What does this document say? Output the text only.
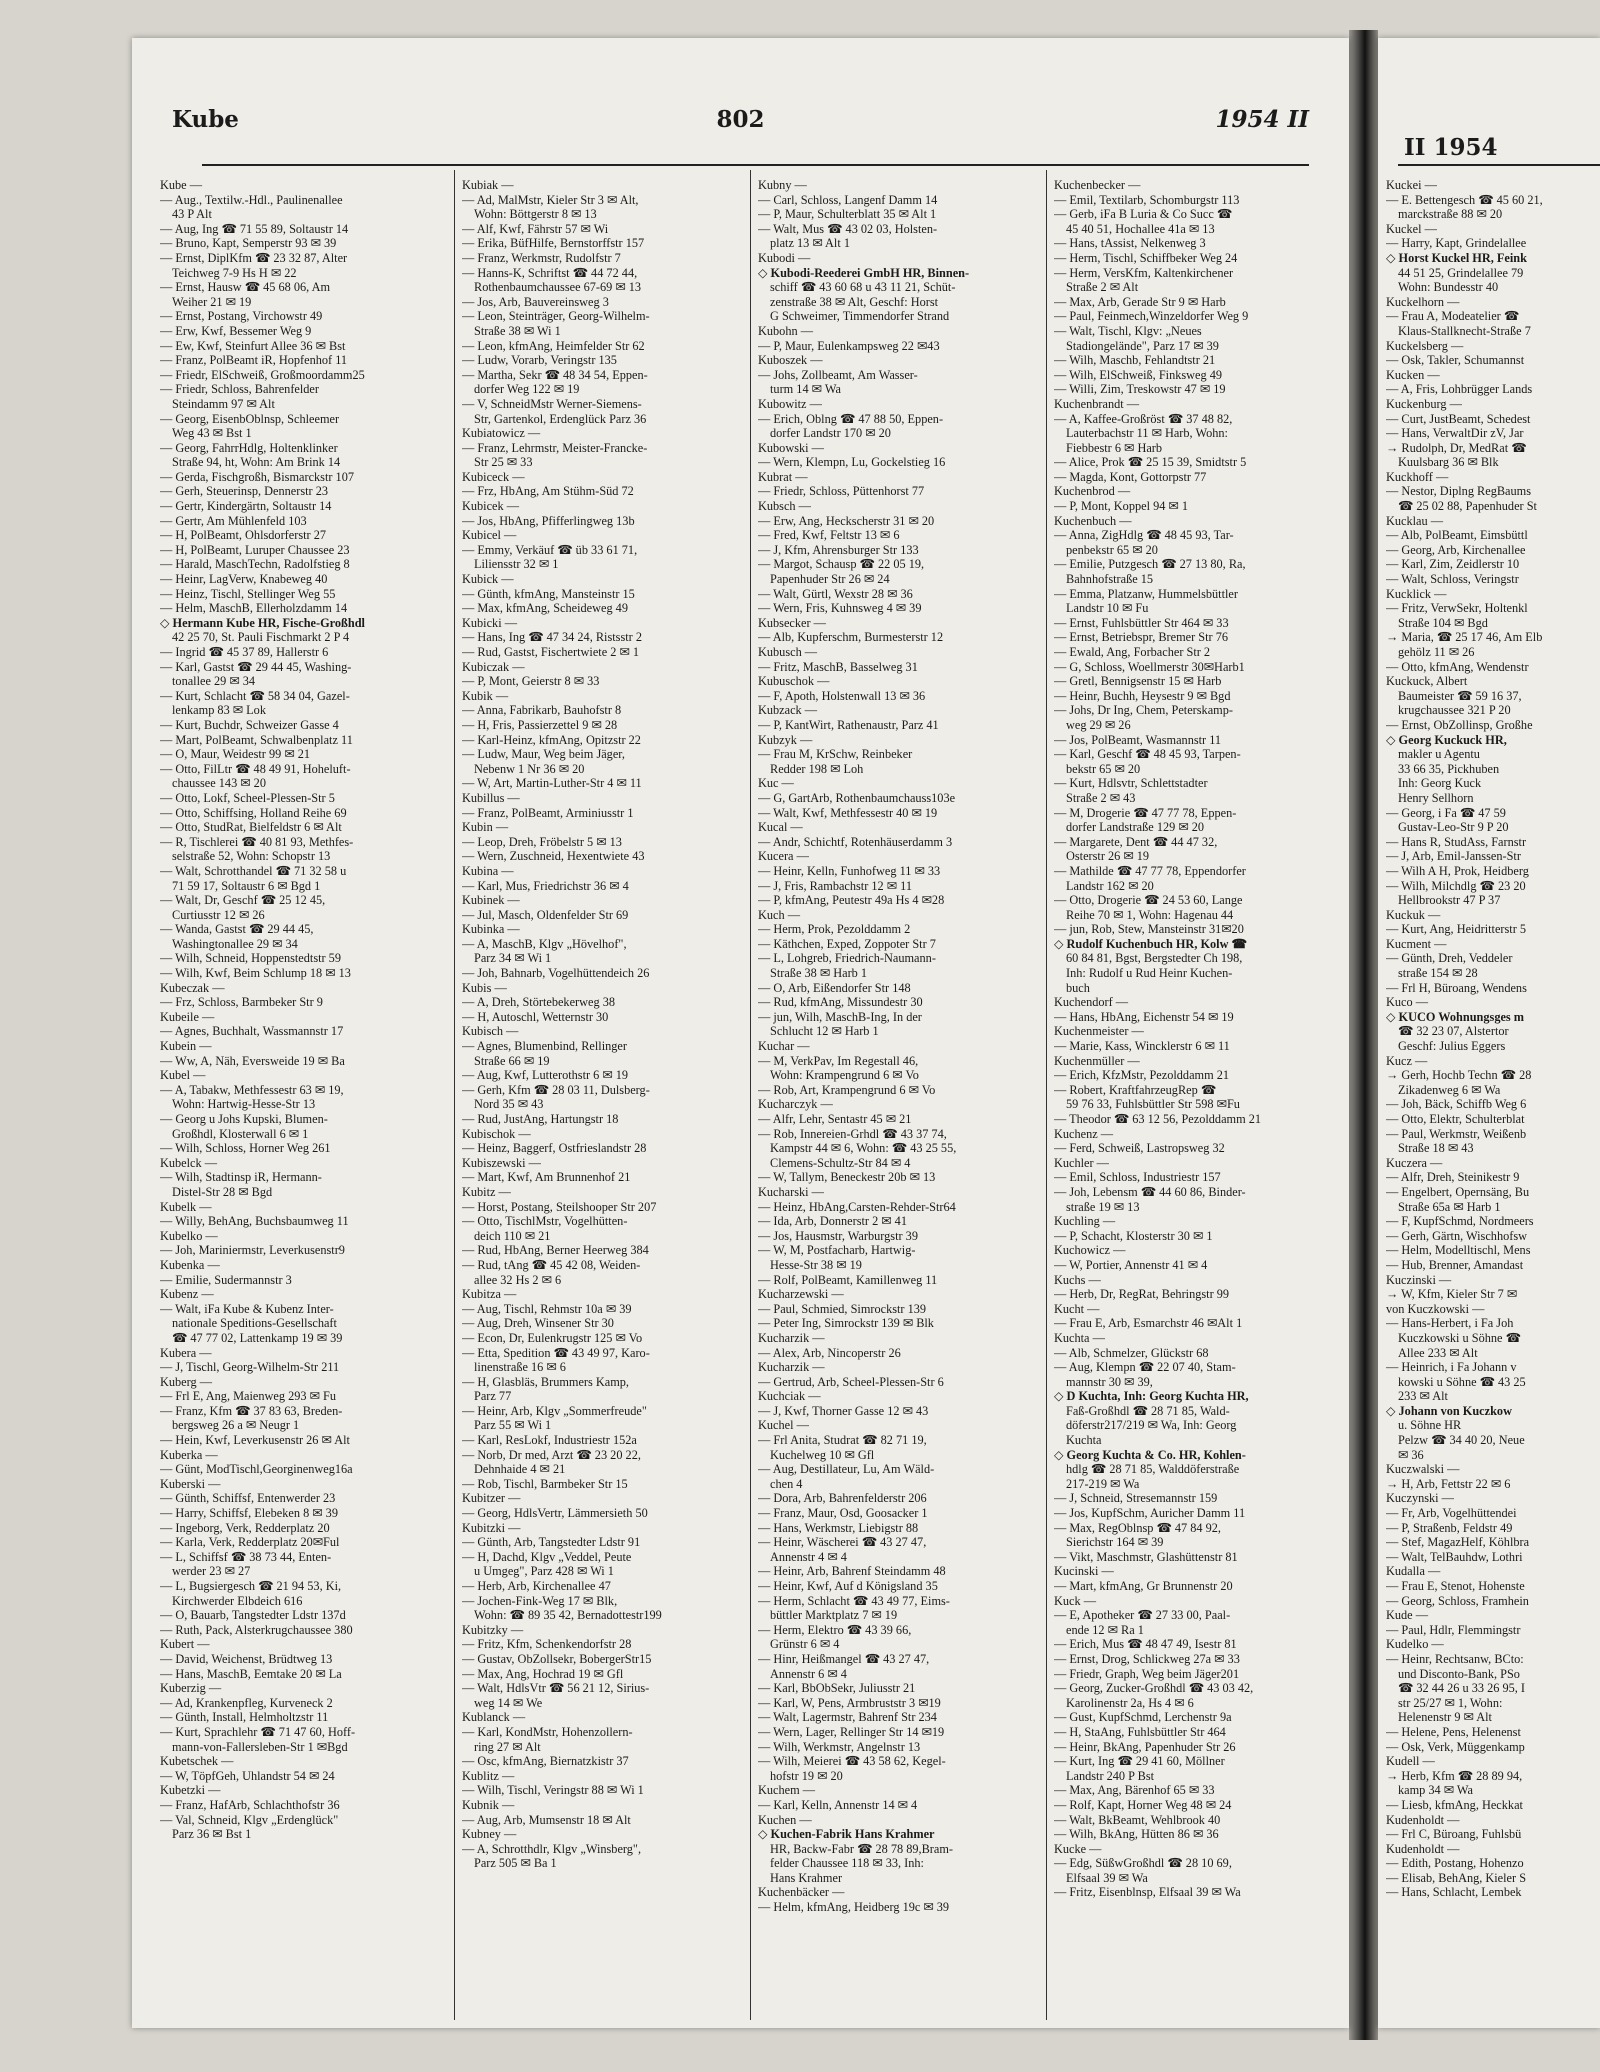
Kube	802	1954 II
Kube —
— Aug., Textilw.-Hdl., Paulinenallee
43 P Alt
— Aug, Ing ☎ 71 55 89, Soltaustr 14
— Bruno, Kapt, Semperstr 93 ✉ 39
— Ernst, DiplKfm ☎ 23 32 87, Alter
Teichweg 7-9 Hs H ✉ 22
— Ernst, Hausw ☎ 45 68 06, Am
Weiher 21 ✉ 19
— Ernst, Postang, Virchowstr 49
— Erw, Kwf, Bessemer Weg 9
— Ew, Kwf, Steinfurt Allee 36 ✉ Bst
— Franz, PolBeamt iR, Hopfenhof 11
— Friedr, ElSchweiß, Großmoordamm25
— Friedr, Schloss, Bahrenfelder
Steindamm 97 ✉ Alt
— Georg, EisenbOblnsp, Schleemer
Weg 43 ✉ Bst 1
— Georg, FahrrHdlg, Holtenklinker
Straße 94, ht, Wohn: Am Brink 14
— Gerda, Fischgroßh, Bismarckstr 107
— Gerh, Steuerinsp, Dennerstr 23
— Gertr, Kindergärtn, Soltaustr 14
— Gertr, Am Mühlenfeld 103
— H, PolBeamt, Ohlsdorferstr 27
— H, PolBeamt, Luruper Chaussee 23
— Harald, MaschTechn, Radolfstieg 8
— Heinr, LagVerw, Knabeweg 40
— Heinz, Tischl, Stellinger Weg 55
— Helm, MaschB, Ellerholzdamm 14
◇ Hermann Kube HR, Fische-Großhdl
42 25 70, St. Pauli Fischmarkt 2 P 4
— Ingrid ☎ 45 37 89, Hallerstr 6
— Karl, Gastst ☎ 29 44 45, Washing-
tonallee 29 ✉ 34
— Kurt, Schlacht ☎ 58 34 04, Gazel-
lenkamp 83 ✉ Lok
— Kurt, Buchdr, Schweizer Gasse 4
— Mart, PolBeamt, Schwalbenplatz 11
— O, Maur, Weidestr 99 ✉ 21
— Otto, FilLtr ☎ 48 49 91, Hoheluft-
chaussee 143 ✉ 20
— Otto, Lokf, Scheel-Plessen-Str 5
— Otto, Schiffsing, Holland Reihe 69
— Otto, StudRat, Bielfeldstr 6 ✉ Alt
— R, Tischlerei ☎ 40 81 93, Methfes-
selstraße 52, Wohn: Schopstr 13
— Walt, Schrotthandel ☎ 71 32 58 u
71 59 17, Soltaustr 6 ✉ Bgd 1
— Walt, Dr, Geschf ☎ 25 12 45,
Curtiusstr 12 ✉ 26
— Wanda, Gastst ☎ 29 44 45,
Washingtonallee 29 ✉ 34
— Wilh, Schneid, Hoppenstedtstr 59
— Wilh, Kwf, Beim Schlump 18 ✉ 13
Kubeczak —
— Frz, Schloss, Barmbeker Str 9
Kubeile —
— Agnes, Buchhalt, Wassmannstr 17
Kubein —
— Ww, A, Näh, Eversweide 19 ✉ Ba
Kubel —
— A, Tabakw, Methfessestr 63 ✉ 19,
Wohn: Hartwig-Hesse-Str 13
— Georg u Johs Kupski, Blumen-
Großhdl, Klosterwall 6 ✉ 1
— Wilh, Schloss, Horner Weg 261
Kubelck —
— Wilh, Stadtinsp iR, Hermann-
Distel-Str 28 ✉ Bgd
Kubelk —
— Willy, BehAng, Buchsbaumweg 11
Kubelko —
— Joh, Mariniermstr, Leverkusenstr9
Kubenka —
— Emilie, Sudermannstr 3
Kubenz —
— Walt, iFa Kube & Kubenz Inter-
nationale Speditions-Gesellschaft
☎ 47 77 02, Lattenkamp 19 ✉ 39
Kubera —
— J, Tischl, Georg-Wilhelm-Str 211
Kuberg —
— Frl E, Ang, Maienweg 293 ✉ Fu
— Franz, Kfm ☎ 37 83 63, Breden-
bergsweg 26 a ✉ Neugr 1
— Hein, Kwf, Leverkusenstr 26 ✉ Alt
Kuberka —
— Günt, ModTischl,Georginenweg16a
Kuberski —
— Günth, Schiffsf, Entenwerder 23
— Harry, Schiffsf, Elebeken 8 ✉ 39
— Ingeborg, Verk, Redderplatz 20
— Karla, Verk, Redderplatz 20✉Ful
— L, Schiffsf ☎ 38 73 44, Enten-
werder 23 ✉ 27
— L, Bugsiergesch ☎ 21 94 53, Ki,
Kirchwerder Elbdeich 616
— O, Bauarb, Tangstedter Ldstr 137d
— Ruth, Pack, Alsterkrugchaussee 380
Kubert —
— David, Weichenst, Brüdtweg 13
— Hans, MaschB, Eemtake 20 ✉ La
Kuberzig —
— Ad, Krankenpfleg, Kurveneck 2
— Günth, Install, Helmholtzstr 11
— Kurt, Sprachlehr ☎ 71 47 60, Hoff-
mann-von-Fallersleben-Str 1 ✉Bgd
Kubetschek —
— W, TöpfGeh, Uhlandstr 54 ✉ 24
Kubetzki —
— Franz, HafArb, Schlachthofstr 36
— Val, Schneid, Klgv „Erdenglück"
Parz 36 ✉ Bst 1
Kubiak —
— Ad, MalMstr, Kieler Str 3 ✉ Alt,
Wohn: Böttgerstr 8 ✉ 13
— Alf, Kwf, Fährstr 57 ✉ Wi
— Erika, BüfHilfe, Bernstorffstr 157
— Franz, Werkmstr, Rudolfstr 7
— Hanns-K, Schriftst ☎ 44 72 44,
Rothenbaumchaussee 67-69 ✉ 13
— Jos, Arb, Bauvereinsweg 3
— Leon, Steinträger, Georg-Wilhelm-
Straße 38 ✉ Wi 1
— Leon, kfmAng, Heimfelder Str 62
— Ludw, Vorarb, Veringstr 135
— Martha, Sekr ☎ 48 34 54, Eppen-
dorfer Weg 122 ✉ 19
— V, SchneidMstr Werner-Siemens-
Str, Gartenkol, Erdenglück Parz 36
Kubiatowicz —
— Franz, Lehrmstr, Meister-Francke-
Str 25 ✉ 33
Kubiceck —
— Frz, HbAng, Am Stühm-Süd 72
Kubicek —
— Jos, HbAng, Pfifferlingweg 13b
Kubicel —
— Emmy, Verkäuf ☎ üb 33 61 71,
Liliensstr 32 ✉ 1
Kubick —
— Günth, kfmAng, Mansteinstr 15
— Max, kfmAng, Scheideweg 49
Kubicki —
— Hans, Ing ☎ 47 34 24, Ristsstr 2
— Rud, Gastst, Fischertwiete 2 ✉ 1
Kubiczak —
— P, Mont, Geierstr 8 ✉ 33
Kubik —
— Anna, Fabrikarb, Bauhofstr 8
— H, Fris, Passierzettel 9 ✉ 28
— Karl-Heinz, kfmAng, Opitzstr 22
— Ludw, Maur, Weg beim Jäger,
Nebenw 1 Nr 36 ✉ 20
— W, Art, Martin-Luther-Str 4 ✉ 11
Kubillus —
— Franz, PolBeamt, Arminiusstr 1
Kubin —
— Leop, Dreh, Fröbelstr 5 ✉ 13
— Wern, Zuschneid, Hexentwiete 43
Kubina —
— Karl, Mus, Friedrichstr 36 ✉ 4
Kubinek —
— Jul, Masch, Oldenfelder Str 69
Kubinka —
— A, MaschB, Klgv „Hövelhof",
Parz 34 ✉ Wi 1
— Joh, Bahnarb, Vogelhüttendeich 26
Kubis —
— A, Dreh, Störtebekerweg 38
— H, Autoschl, Wetternstr 30
Kubisch —
— Agnes, Blumenbind, Rellinger
Straße 66 ✉ 19
— Aug, Kwf, Lutterothstr 6 ✉ 19
— Gerh, Kfm ☎ 28 03 11, Dulsberg-
Nord 35 ✉ 43
— Rud, JustAng, Hartungstr 18
Kubischok —
— Heinz, Baggerf, Ostfrieslandstr 28
Kubiszewski —
— Mart, Kwf, Am Brunnenhof 21
Kubitz —
— Horst, Postang, Steilshooper Str 207
— Otto, TischlMstr, Vogelhütten-
deich 110 ✉ 21
— Rud, HbAng, Berner Heerweg 384
— Rud, tAng ☎ 45 42 08, Weiden-
allee 32 Hs 2 ✉ 6
Kubitza —
— Aug, Tischl, Rehmstr 10a ✉ 39
— Aug, Dreh, Winsener Str 30
— Econ, Dr, Eulenkrugstr 125 ✉ Vo
— Etta, Spedition ☎ 43 49 97, Karo-
linenstraße 16 ✉ 6
— H, Glasbläs, Brummers Kamp,
Parz 77
— Heinr, Arb, Klgv „Sommerfreude"
Parz 55 ✉ Wi 1
— Karl, ResLokf, Industriestr 152a
— Norb, Dr med, Arzt ☎ 23 20 22,
Dehnhaide 4 ✉ 21
— Rob, Tischl, Barmbeker Str 15
Kubitzer —
— Georg, HdlsVertr, Lämmersieth 50
Kubitzki —
— Günth, Arb, Tangstedter Ldstr 91
— H, Dachd, Klgv „Veddel, Peute
u Umgeg", Parz 428 ✉ Wi 1
— Herb, Arb, Kirchenallee 47
— Jochen-Fink-Weg 17 ✉ Blk,
Wohn: ☎ 89 35 42, Bernadottestr199
Kubitzky —
— Fritz, Kfm, Schenkendorfstr 28
— Gustav, ObZollsekr, BobergerStr15
— Max, Ang, Hochrad 19 ✉ Gfl
— Walt, HdlsVtr ☎ 56 21 12, Sirius-
weg 14 ✉ We
Kublanck —
— Karl, KondMstr, Hohenzollern-
ring 27 ✉ Alt
— Osc, kfmAng, Biernatzkistr 37
Kublitz —
— Wilh, Tischl, Veringstr 88 ✉ Wi 1
Kubnik —
— Aug, Arb, Mumsenstr 18 ✉ Alt
Kubney —
— A, Schrotthdlr, Klgv „Winsberg",
Parz 505 ✉ Ba 1
Kubny —
— Carl, Schloss, Langenf Damm 14
— P, Maur, Schulterblatt 35 ✉ Alt 1
— Walt, Mus ☎ 43 02 03, Holsten-
platz 13 ✉ Alt 1
Kubodi —
◇ Kubodi-Reederei GmbH HR, Binnen-
schiff ☎ 43 60 68 u 43 11 21, Schüt-
zenstraße 38 ✉ Alt, Geschf: Horst
G Schweimer, Timmendorfer Strand
Kubohn —
— P, Maur, Eulenkampsweg 22 ✉43
Kuboszek —
— Johs, Zollbeamt, Am Wasser-
turm 14 ✉ Wa
Kubowitz —
— Erich, Oblng ☎ 47 88 50, Eppen-
dorfer Landstr 170 ✉ 20
Kubowski —
— Wern, Klempn, Lu, Gockelstieg 16
Kubrat —
— Friedr, Schloss, Püttenhorst 77
Kubsch —
— Erw, Ang, Heckscherstr 31 ✉ 20
— Fred, Kwf, Feltstr 13 ✉ 6
— J, Kfm, Ahrensburger Str 133
— Margot, Schausp ☎ 22 05 19,
Papenhuder Str 26 ✉ 24
— Walt, Gürtl, Wexstr 28 ✉ 36
— Wern, Fris, Kuhnsweg 4 ✉ 39
Kubsecker —
— Alb, Kupferschm, Burmesterstr 12
Kubusch —
— Fritz, MaschB, Basselweg 31
Kubuschok —
— F, Apoth, Holstenwall 13 ✉ 36
Kubzack —
— P, KantWirt, Rathenaustr, Parz 41
Kubzyk —
— Frau M, KrSchw, Reinbeker
Redder 198 ✉ Loh
Kuc —
— G, GartArb, Rothenbaumchauss103e
— Walt, Kwf, Methfessestr 40 ✉ 19
Kucal —
— Andr, Schichtf, Rotenhäuserdamm 3
Kucera —
— Heinr, Kelln, Funhofweg 11 ✉ 33
— J, Fris, Rambachstr 12 ✉ 11
— P, kfmAng, Peutestr 49a Hs 4 ✉28
Kuch —
— Herm, Prok, Pezolddamm 2
— Käthchen, Exped, Zoppoter Str 7
— L, Lohgreb, Friedrich-Naumann-
Straße 38 ✉ Harb 1
— O, Arb, Eißendorfer Str 148
— Rud, kfmAng, Missundestr 30
— jun, Wilh, MaschB-Ing, In der
Schlucht 12 ✉ Harb 1
Kuchar —
— M, VerkPav, Im Regestall 46,
Wohn: Krampengrund 6 ✉ Vo
— Rob, Art, Krampengrund 6 ✉ Vo
Kucharczyk —
— Alfr, Lehr, Sentastr 45 ✉ 21
— Rob, Innereien-Grhdl ☎ 43 37 74,
Kampstr 44 ✉ 6, Wohn: ☎ 43 25 55,
Clemens-Schultz-Str 84 ✉ 4
— W, Tallym, Beneckestr 20b ✉ 13
Kucharski —
— Heinz, HbAng,Carsten-Rehder-Str64
— Ida, Arb, Donnerstr 2 ✉ 41
— Jos, Hausmstr, Warburgstr 39
— W, M, Postfacharb, Hartwig-
Hesse-Str 38 ✉ 19
— Rolf, PolBeamt, Kamillenweg 11
Kucharzewski —
— Paul, Schmied, Simrockstr 139
— Peter Ing, Simrockstr 139 ✉ Blk
Kucharzik —
— Alex, Arb, Nincoperstr 26
Kucharzik —
— Gertrud, Arb, Scheel-Plessen-Str 6
Kuchciak —
— J, Kwf, Thorner Gasse 12 ✉ 43
Kuchel —
— Frl Anita, Studrat ☎ 82 71 19,
Kuchelweg 10 ✉ Gfl
— Aug, Destillateur, Lu, Am Wäld-
chen 4
— Dora, Arb, Bahrenfelderstr 206
— Franz, Maur, Osd, Goosacker 1
— Hans, Werkmstr, Liebigstr 88
— Heinr, Wäscherei ☎ 43 27 47,
Annenstr 4 ✉ 4
— Heinr, Arb, Bahrenf Steindamm 48
— Heinr, Kwf, Auf d Königsland 35
— Herm, Schlacht ☎ 43 49 77, Eims-
büttler Marktplatz 7 ✉ 19
— Herm, Elektro ☎ 43 39 66,
Grünstr 6 ✉ 4
— Hinr, Heißmangel ☎ 43 27 47,
Annenstr 6 ✉ 4
— Karl, BbObSekr, Juliusstr 21
— Karl, W, Pens, Armbruststr 3 ✉19
— Walt, Lagermstr, Bahrenf Str 234
— Wern, Lager, Rellinger Str 14 ✉19
— Wilh, Werkmstr, Angelnstr 13
— Wilh, Meierei ☎ 43 58 62, Kegel-
hofstr 19 ✉ 20
Kuchem —
— Karl, Kelln, Annenstr 14 ✉ 4
Kuchen —
◇ Kuchen-Fabrik Hans Krahmer
HR, Backw-Fabr ☎ 28 78 89,Bram-
felder Chaussee 118 ✉ 33, Inh:
Hans Krahmer
Kuchenbäcker —
— Helm, kfmAng, Heidberg 19c ✉ 39
Kuchenbecker —
— Emil, Textilarb, Schomburgstr 113
— Gerb, iFa B Luria & Co Succ ☎
45 40 51, Hochallee 41a ✉ 13
— Hans, tAssist, Nelkenweg 3
— Herm, Tischl, Schiffbeker Weg 24
— Herm, VersKfm, Kaltenkirchener
Straße 2 ✉ Alt
— Max, Arb, Gerade Str 9 ✉ Harb
— Paul, Feinmech,Winzeldorfer Weg 9
— Walt, Tischl, Klgv: „Neues
Stadiongelände", Parz 17 ✉ 39
— Wilh, Maschb, Fehlandtstr 21
— Wilh, ElSchweiß, Finksweg 49
— Willi, Zim, Treskowstr 47 ✉ 19
Kuchenbrandt —
— A, Kaffee-Großröst ☎ 37 48 82,
Lauterbachstr 11 ✉ Harb, Wohn:
Fiebbestr 6 ✉ Harb
— Alice, Prok ☎ 25 15 39, Smidtstr 5
— Magda, Kont, Gottorpstr 77
Kuchenbrod —
— P, Mont, Koppel 94 ✉ 1
Kuchenbuch —
— Anna, ZigHdlg ☎ 48 45 93, Tar-
penbekstr 65 ✉ 20
— Emilie, Putzgesch ☎ 27 13 80, Ra,
Bahnhofstraße 15
— Emma, Platzanw, Hummelsbüttler
Landstr 10 ✉ Fu
— Ernst, Fuhlsbüttler Str 464 ✉ 33
— Ernst, Betriebspr, Bremer Str 76
— Ewald, Ang, Forbacher Str 2
— G, Schloss, Woellmerstr 30✉Harb1
— Gretl, Bennigsenstr 15 ✉ Harb
— Heinr, Buchh, Heysestr 9 ✉ Bgd
— Johs, Dr Ing, Chem, Peterskamp-
weg 29 ✉ 26
— Jos, PolBeamt, Wasmannstr 11
— Karl, Geschf ☎ 48 45 93, Tarpen-
bekstr 65 ✉ 20
— Kurt, Hdlsvtr, Schlettstadter
Straße 2 ✉ 43
— M, Drogerie ☎ 47 77 78, Eppen-
dorfer Landstraße 129 ✉ 20
— Margarete, Dent ☎ 44 47 32,
Osterstr 26 ✉ 19
— Mathilde ☎ 47 77 78, Eppendorfer
Landstr 162 ✉ 20
— Otto, Drogerie ☎ 24 53 60, Lange
Reihe 70 ✉ 1, Wohn: Hagenau 44
— jun, Rob, Stew, Mansteinstr 31✉20
◇ Rudolf Kuchenbuch HR, Kolw ☎
60 84 81, Bgst, Bergstedter Ch 198,
Inh: Rudolf u Rud Heinr Kuchen-
buch
Kuchendorf —
— Hans, HbAng, Eichenstr 54 ✉ 19
Kuchenmeister —
— Marie, Kass, Wincklerstr 6 ✉ 11
Kuchenmüller —
— Erich, KfzMstr, Pezolddamm 21
— Robert, KraftfahrzeugRep ☎
59 76 33, Fuhlsbüttler Str 598 ✉Fu
— Theodor ☎ 63 12 56, Pezolddamm 21
Kuchenz —
— Ferd, Schweiß, Lastropsweg 32
Kuchler —
— Emil, Schloss, Industriestr 157
— Joh, Lebensm ☎ 44 60 86, Binder-
straße 19 ✉ 13
Kuchling —
— P, Schacht, Klosterstr 30 ✉ 1
Kuchowicz —
— W, Portier, Annenstr 41 ✉ 4
Kuchs —
— Herb, Dr, RegRat, Behringstr 99
Kucht —
— Frau E, Arb, Esmarchstr 46 ✉Alt 1
Kuchta —
— Alb, Schmelzer, Glückstr 68
— Aug, Klempn ☎ 22 07 40, Stam-
mannstr 30 ✉ 39,
◇ D Kuchta, Inh: Georg Kuchta HR,
Faß-Großhdl ☎ 28 71 85, Wald-
döferstr217/219 ✉ Wa, Inh: Georg
Kuchta
◇ Georg Kuchta & Co. HR, Kohlen-
hdlg ☎ 28 71 85, Walddöferstraße
217-219 ✉ Wa
— J, Schneid, Stresemannstr 159
— Jos, KupfSchm, Auricher Damm 11
— Max, RegOblnsp ☎ 47 84 92,
Sierichstr 164 ✉ 39
— Vikt, Maschmstr, Glashüttenstr 81
Kucinski —
— Mart, kfmAng, Gr Brunnenstr 20
Kuck —
— E, Apotheker ☎ 27 33 00, Paal-
ende 12 ✉ Ra 1
— Erich, Mus ☎ 48 47 49, Isestr 81
— Ernst, Drog, Schlickweg 27a ✉ 33
— Friedr, Graph, Weg beim Jäger201
— Georg, Zucker-Großhdl ☎ 43 03 42,
Karolinenstr 2a, Hs 4 ✉ 6
— Gust, KupfSchmd, Lerchenstr 9a
— H, StaAng, Fuhlsbüttler Str 464
— Heinr, BkAng, Papenhuder Str 26
— Kurt, Ing ☎ 29 41 60, Möllner
Landstr 240 P Bst
— Max, Ang, Bärenhof 65 ✉ 33
— Rolf, Kapt, Horner Weg 48 ✉ 24
— Walt, BkBeamt, Wehlbrook 40
— Wilh, BkAng, Hütten 86 ✉ 36
Kucke —
— Edg, SüßwGroßhdl ☎ 28 10 69,
Elfsaal 39 ✉ Wa
— Fritz, Eisenblnsp, Elfsaal 39 ✉ Wa
II 1954
Kuckei —
— E. Bettengesch ☎ 45 60 21,
marckstraße 88 ✉ 20
Kuckel —
— Harry, Kapt, Grindelallee
◇ Horst Kuckel HR, Feink
44 51 25, Grindelallee 79
Wohn: Bundesstr 40
Kuckelhorn —
— Frau A, Modeatelier ☎
Klaus-Stallknecht-Straße 7
Kuckelsberg —
— Osk, Takler, Schumannst
Kucken —
— A, Fris, Lohbrügger Lands
Kuckenburg —
— Curt, JustBeamt, Schedest
— Hans, VerwaltDir zV, Jar
→ Rudolph, Dr, MedRat ☎
Kuulsbarg 36 ✉ Blk
Kuckhoff —
— Nestor, Diplng RegBaums
☎ 25 02 88, Papenhuder St
Kucklau —
— Alb, PolBeamt, Eimsbüttl
— Georg, Arb, Kirchenallee
— Karl, Zim, Zeidlerstr 10
— Walt, Schloss, Veringstr
Kucklick —
— Fritz, VerwSekr, Holtenkl
Straße 104 ✉ Bgd
→ Maria, ☎ 25 17 46, Am Elb
gehölz 11 ✉ 26
— Otto, kfmAng, Wendenstr
Kuckuck, Albert
Baumeister ☎ 59 16 37,
krugchaussee 321 P 20
— Ernst, ObZollinsp, Großhe
◇ Georg Kuckuck HR,
makler u Agentu
33 66 35, Pickhuben
Inh: Georg Kuck
Henry Sellhorn
— Georg, i Fa ☎ 47 59
Gustav-Leo-Str 9 P 20
— Hans R, StudAss, Farnstr
— J, Arb, Emil-Janssen-Str
— Wilh A H, Prok, Heidberg
— Wilh, Milchdlg ☎ 23 20
Hellbrookstr 47 P 37
Kuckuk —
— Kurt, Ang, Heidritterstr 5
Kucment —
— Günth, Dreh, Veddeler
straße 154 ✉ 28
— Frl H, Büroang, Wendens
Kuco —
◇ KUCO Wohnungsges m
☎ 32 23 07, Alstertor
Geschf: Julius Eggers
Kucz —
→ Gerh, Hochb Techn ☎ 28
Zikadenweg 6 ✉ Wa
— Joh, Bäck, Schiffb Weg 6
— Otto, Elektr, Schulterblat
— Paul, Werkmstr, Weißenb
Straße 18 ✉ 43
Kuczera —
— Alfr, Dreh, Steinikestr 9
— Engelbert, Opernsäng, Bu
Straße 65a ✉ Harb 1
— F, KupfSchmd, Nordmeers
— Gerh, Gärtn, Wischhofsw
— Helm, Modelltischl, Mens
— Hub, Brenner, Amandast
Kuczinski —
→ W, Kfm, Kieler Str 7 ✉
von Kuczkowski —
— Hans-Herbert, i Fa Joh
Kuczkowski u Söhne ☎
Allee 233 ✉ Alt
— Heinrich, i Fa Johann v
kowski u Söhne ☎ 43 25
233 ✉ Alt
◇ Johann von Kuczkow
u. Söhne HR
Pelzw ☎ 34 40 20, Neue
✉ 36
Kuczwalski —
→ H, Arb, Fettstr 22 ✉ 6
Kuczynski —
— Fr, Arb, Vogelhüttendei
— P, Straßenb, Feldstr 49
— Stef, MagazHelf, Köhlbra
— Walt, TelBauhdw, Lothri
Kudalla —
— Frau E, Stenot, Hohenste
— Georg, Schloss, Framhein
Kude —
— Paul, Hdlr, Flemmingstr
Kudelko —
— Heinr, Rechtsanw, BCto:
und Disconto-Bank, PSo
☎ 32 44 26 u 33 26 95, I
str 25/27 ✉ 1, Wohn:
Helenenstr 9 ✉ Alt
— Helene, Pens, Helenenst
— Osk, Verk, Müggenkamp
Kudell —
→ Herb, Kfm ☎ 28 89 94,
kamp 34 ✉ Wa
— Liesb, kfmAng, Heckkat
Kudenholdt —
— Frl C, Büroang, Fuhlsbü
Kudenholdt —
— Edith, Postang, Hohenzo
— Elisab, BehAng, Kieler S
— Hans, Schlacht, Lembek
